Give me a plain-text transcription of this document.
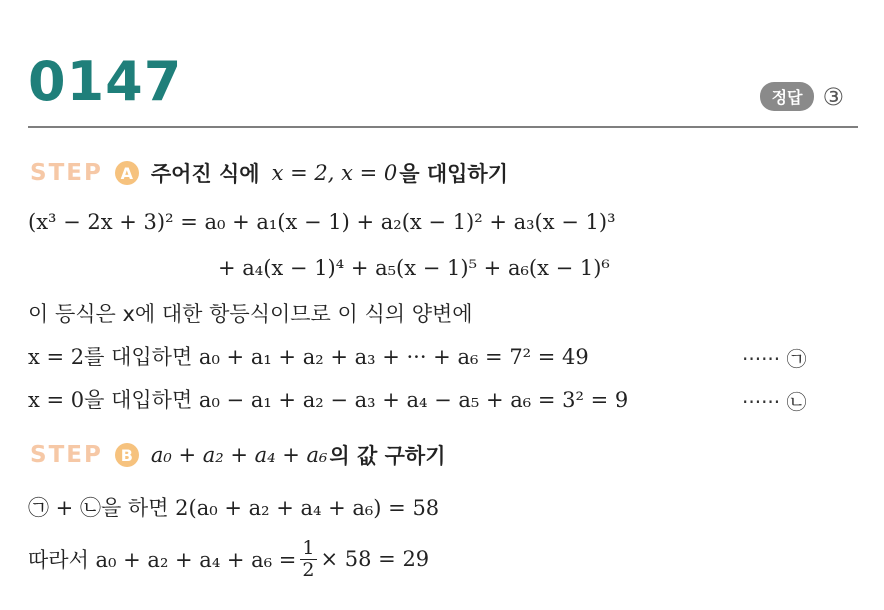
0147	정답 ③
STEP	A 주어진 식에 x = 2, x = 0 을 대입하기
(x³ − 2x + 3)² = a₀ + a₁(x − 1) + a₂(x − 1)² + a₃(x − 1)³
+ a₄(x − 1)⁴ + a₅(x − 1)⁵ + a₆(x − 1)⁶
이 등식은 x에 대한 항등식이므로 이 식의 양변에
x = 2를 대입하면 a₀ + a₁ + a₂ + a₃ + ··· + a₆ = 7² = 49	······ ㉠
x = 0을 대입하면 a₀ − a₁ + a₂ − a₃ + a₄ − a₅ + a₆ = 3² = 9	······ ㉡
STEP	B a₀ + a₂ + a₄ + a₆ 의 값 구하기
㉠ + ㉡을 하면 2(a₀ + a₂ + a₄ + a₆) = 58
따라서 $a_0 + a_2 + a_4 + a_6 = \frac{1}{2} \times 58 = 29$
